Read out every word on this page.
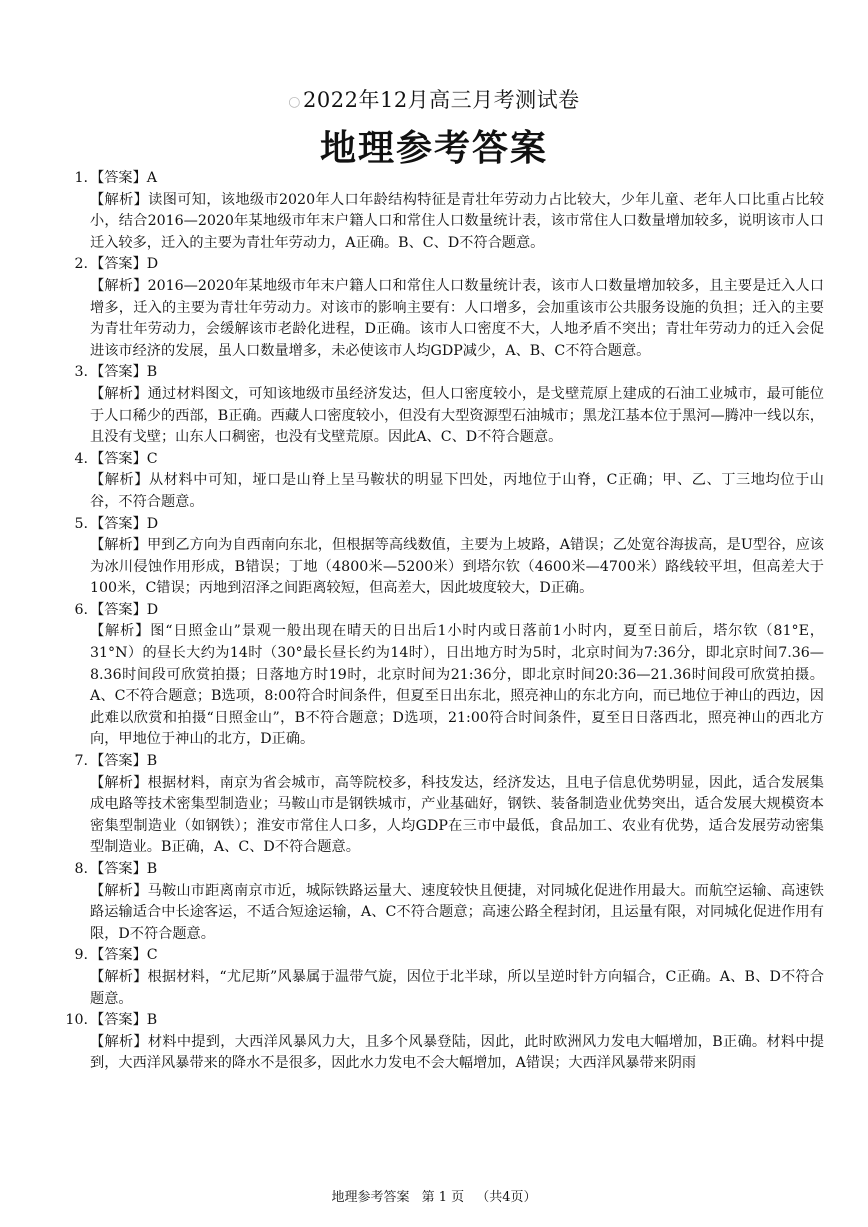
○2022年12月高三月考测试卷
地理参考答案
1. 【答案】A
【解析】读图可知，该地级市2020年人口年龄结构特征是青壮年劳动力占比较大，少年儿童、老年人口比重占比较小，结合2016—2020年某地级市年末户籍人口和常住人口数量统计表，该市常住人口数量增加较多，说明该市人口迁入较多，迁入的主要为青壮年劳动力，A正确。B、C、D不符合题意。
2. 【答案】D
【解析】2016—2020年某地级市年末户籍人口和常住人口数量统计表，该市人口数量增加较多，且主要是迁入人口增多，迁入的主要为青壮年劳动力。对该市的影响主要有：人口增多，会加重该市公共服务设施的负担；迁入的主要为青壮年劳动力，会缓解该市老龄化进程，D正确。该市人口密度不大，人地矛盾不突出；青壮年劳动力的迁入会促进该市经济的发展，虽人口数量增多，未必使该市人均GDP减少，A、B、C不符合题意。
3. 【答案】B
【解析】通过材料图文，可知该地级市虽经济发达，但人口密度较小，是戈壁荒原上建成的石油工业城市，最可能位于人口稀少的西部，B正确。西藏人口密度较小，但没有大型资源型石油城市；黑龙江基本位于黑河—腾冲一线以东，且没有戈壁；山东人口稠密，也没有戈壁荒原。因此A、C、D不符合题意。
4. 【答案】C
【解析】从材料中可知，垭口是山脊上呈马鞍状的明显下凹处，丙地位于山脊，C正确；甲、乙、丁三地均位于山谷，不符合题意。
5. 【答案】D
【解析】甲到乙方向为自西南向东北，但根据等高线数值，主要为上坡路，A错误；乙处宽谷海拔高，是U型谷，应该为冰川侵蚀作用形成，B错误；丁地（4800米—5200米）到塔尔钦（4600米—4700米）路线较平坦，但高差大于100米，C错误；丙地到沼泽之间距离较短，但高差大，因此坡度较大，D正确。
6. 【答案】D
【解析】图“日照金山”景观一般出现在晴天的日出后1小时内或日落前1小时内，夏至日前后，塔尔钦（81°E，31°N）的昼长大约为14时（30°最长昼长约为14时），日出地方时为5时，北京时间为7:36分，即北京时间7.36—8.36时间段可欣赏拍摄；日落地方时19时，北京时间为21:36分，即北京时间20:36—21.36时间段可欣赏拍摄。A、C不符合题意；B选项，8:00符合时间条件，但夏至日出东北，照亮神山的东北方向，而已地位于神山的西边，因此难以欣赏和拍摄“日照金山”，B不符合题意；D选项，21:00符合时间条件，夏至日日落西北，照亮神山的西北方向，甲地位于神山的北方，D正确。
7. 【答案】B
【解析】根据材料，南京为省会城市，高等院校多，科技发达，经济发达，且电子信息优势明显，因此，适合发展集成电路等技术密集型制造业；马鞍山市是钢铁城市，产业基础好，钢铁、装备制造业优势突出，适合发展大规模资本密集型制造业（如钢铁）；淮安市常住人口多，人均GDP在三市中最低，食品加工、农业有优势，适合发展劳动密集型制造业。B正确，A、C、D不符合题意。
8. 【答案】B
【解析】马鞍山市距离南京市近，城际铁路运量大、速度较快且便捷，对同城化促进作用最大。而航空运输、高速铁路运输适合中长途客运，不适合短途运输，A、C不符合题意；高速公路全程封闭，且运量有限，对同城化促进作用有限，D不符合题意。
9. 【答案】C
【解析】根据材料，“尤尼斯”风暴属于温带气旋，因位于北半球，所以呈逆时针方向辐合，C正确。A、B、D不符合题意。
10. 【答案】B
【解析】材料中提到，大西洋风暴风力大，且多个风暴登陆，因此，此时欧洲风力发电大幅增加，B正确。材料中提到，大西洋风暴带来的降水不是很多，因此水力发电不会大幅增加，A错误；大西洋风暴带来阴雨
地理参考答案 第 1 页 （共4页）
